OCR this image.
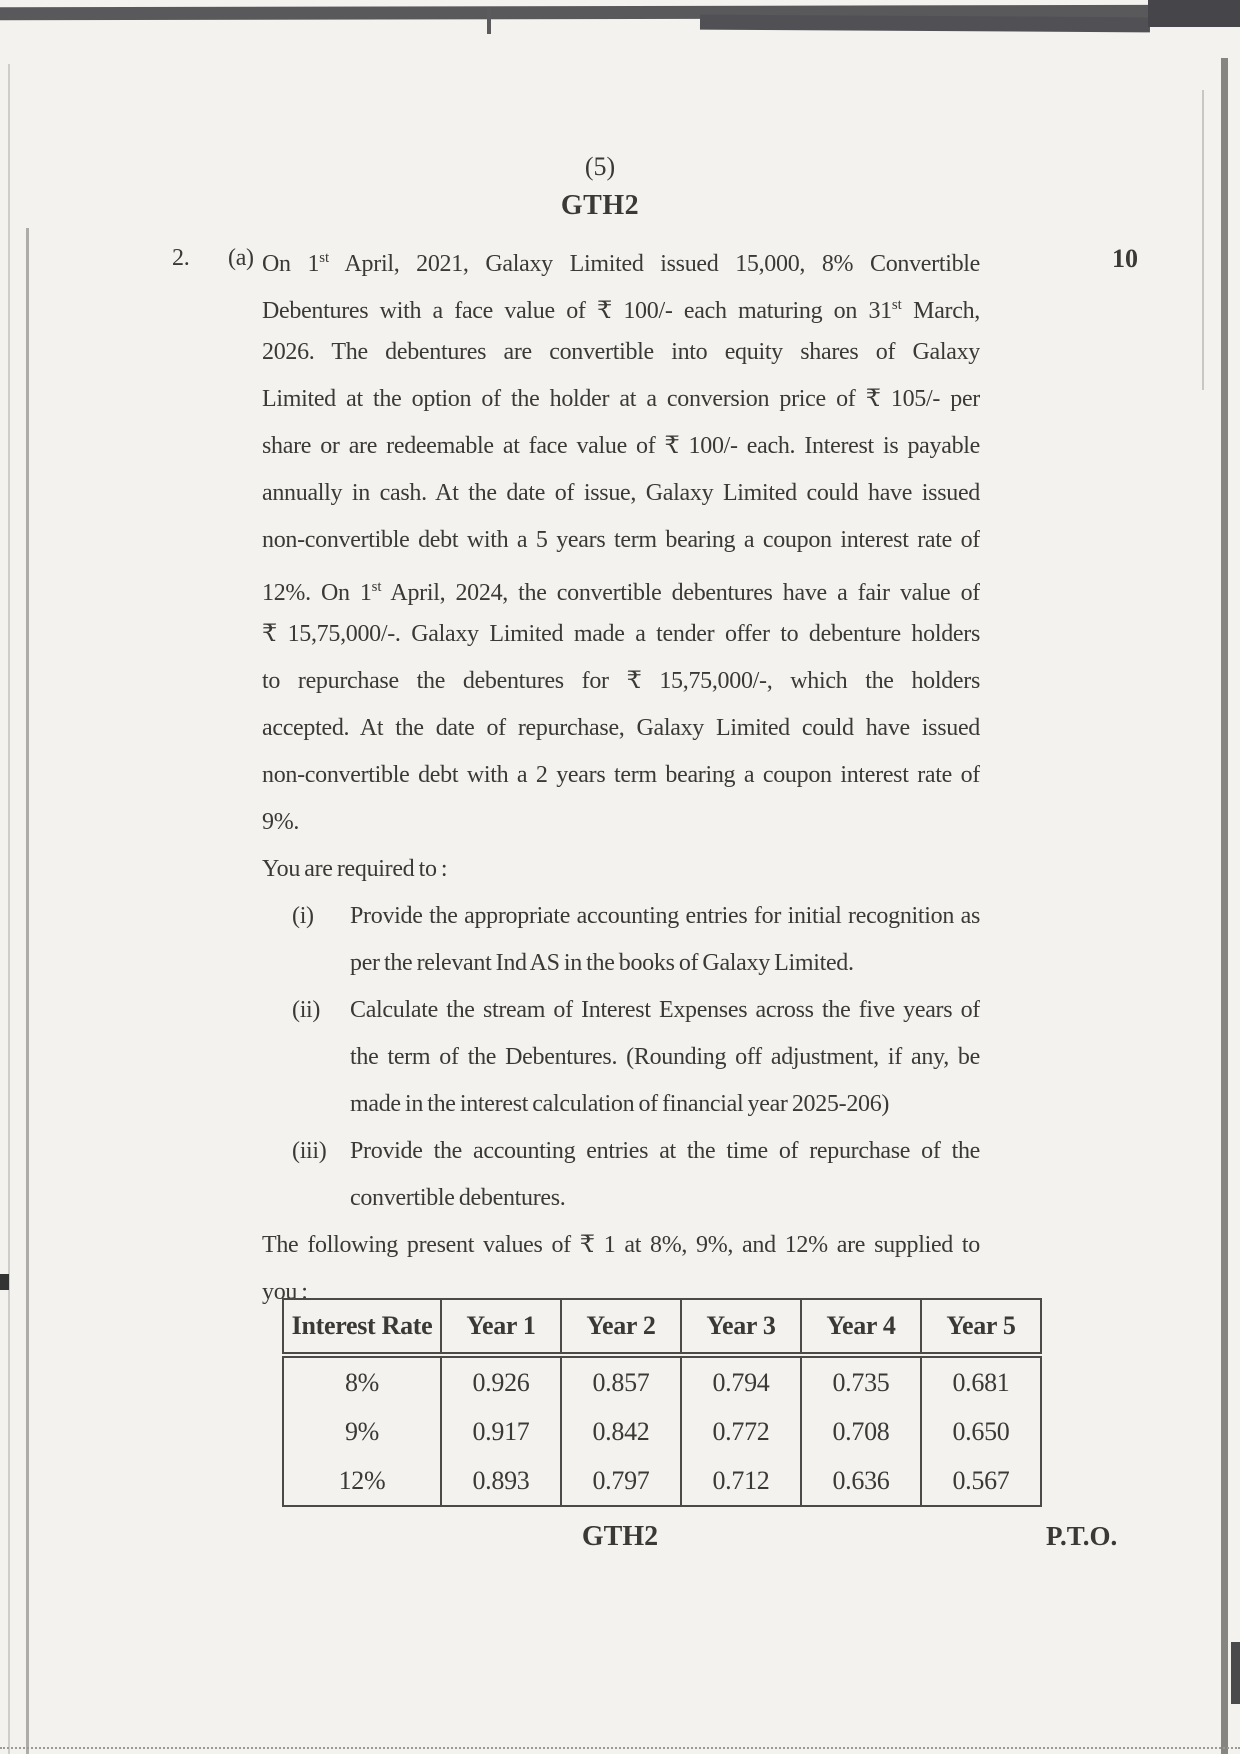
(5)
GTH2
10
2. (a) On 1st April, 2021, Galaxy Limited issued 15,000, 8% Convertible
Debentures with a face value of ₹ 100/- each maturing on 31st March,
2026. The debentures are convertible into equity shares of Galaxy
Limited at the option of the holder at a conversion price of ₹ 105/- per
share or are redeemable at face value of ₹ 100/- each. Interest is payable
annually in cash. At the date of issue, Galaxy Limited could have issued
non-convertible debt with a 5 years term bearing a coupon interest rate of
12%. On 1st April, 2024, the convertible debentures have a fair value of
₹ 15,75,000/-. Galaxy Limited made a tender offer to debenture holders
to repurchase the debentures for ₹ 15,75,000/-, which the holders
accepted. At the date of repurchase, Galaxy Limited could have issued
non-convertible debt with a 2 years term bearing a coupon interest rate of
9%.
You are required to :
(i) Provide the appropriate accounting entries for initial recognition as
per the relevant Ind AS in the books of Galaxy Limited.
(ii) Calculate the stream of Interest Expenses across the five years of
the term of the Debentures. (Rounding off adjustment, if any, be
made in the interest calculation of financial year 2025-206)
(iii) Provide the accounting entries at the time of repurchase of the
convertible debentures.
The following present values of ₹ 1 at 8%, 9%, and 12% are supplied to
you :
Interest Rate	Year 1	Year 2	Year 3	Year 4	Year 5
8%	0.926	0.857	0.794	0.735	0.681
9%	0.917	0.842	0.772	0.708	0.650
12%	0.893	0.797	0.712	0.636	0.567
GTH2	P.T.O.
